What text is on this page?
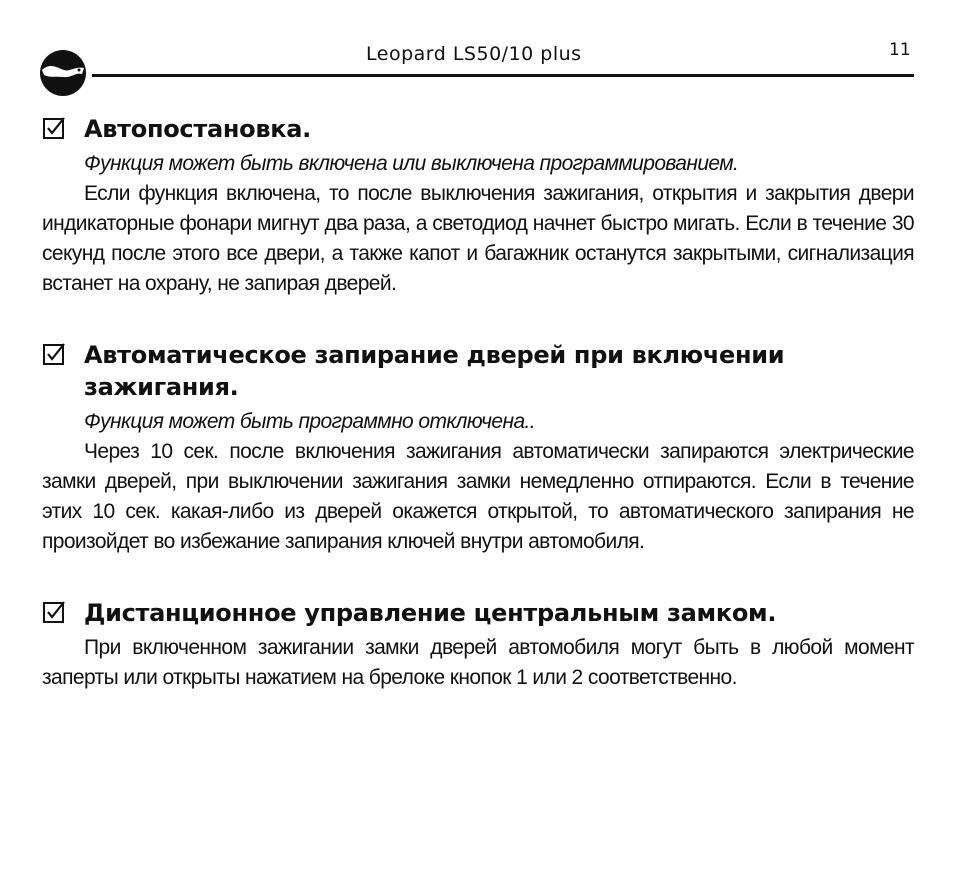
Leopard LS50/10 plus	11
Автопостановка.

Функция может быть включена или выключена программированием.

Если функция включена, то после выключения зажигания, открытия и закрытия двери индикаторные фонари мигнут два раза, а светодиод начнет быстро мигать. Если в течение 30 секунд после этого все двери, а также капот и багажник останутся закрытыми, сигнализация встанет на охрану, не запирая дверей.

Автоматическое запирание дверей при включении зажигания.

Функция может быть программно отключена..

Через 10 сек. после включения зажигания автоматически запираются электрические замки дверей, при выключении зажигания замки немедленно отпираются. Если в течение этих 10 сек. какая-либо из дверей окажется открытой, то автоматического запирания не произойдет во избежание запирания ключей внутри автомобиля.

Дистанционное управление центральным замком.

При включенном зажигании замки дверей автомобиля могут быть в любой момент заперты или открыты нажатием на брелоке кнопок 1 или 2 соответственно.
